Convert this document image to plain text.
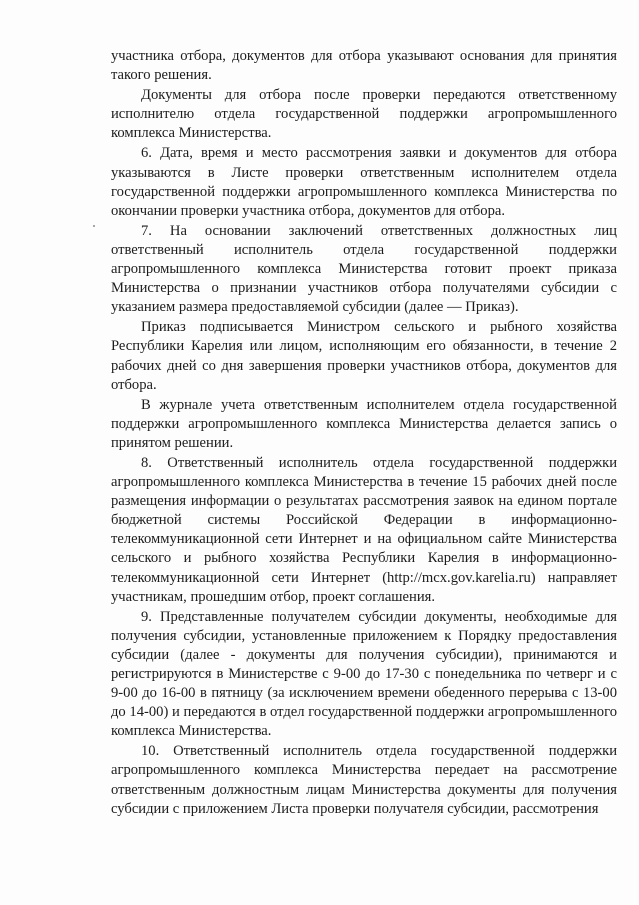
участника отбора, документов для отбора указывают основания для принятия такого решения.

Документы для отбора после проверки передаются ответственному исполнителю отдела государственной поддержки агропромышленного комплекса Министерства.

6. Дата, время и место рассмотрения заявки и документов для отбора указываются в Листе проверки ответственным исполнителем отдела государственной поддержки агропромышленного комплекса Министерства по окончании проверки участника отбора, документов для отбора.

7. На основании заключений ответственных должностных лиц ответственный исполнитель отдела государственной поддержки агропромышленного комплекса Министерства готовит проект приказа Министерства о признании участников отбора получателями субсидии с указанием размера предоставляемой субсидии (далее — Приказ).

Приказ подписывается Министром сельского и рыбного хозяйства Республики Карелия или лицом, исполняющим его обязанности, в течение 2 рабочих дней со дня завершения проверки участников отбора, документов для отбора.

В журнале учета ответственным исполнителем отдела государственной поддержки агропромышленного комплекса Министерства делается запись о принятом решении.

8. Ответственный исполнитель отдела государственной поддержки агропромышленного комплекса Министерства в течение 15 рабочих дней после размещения информации о результатах рассмотрения заявок на едином портале бюджетной системы Российской Федерации в информационно-телекоммуникационной сети Интернет и на официальном сайте Министерства сельского и рыбного хозяйства Республики Карелия в информационно-телекоммуникационной сети Интернет (http://mcx.gov.karelia.ru) направляет участникам, прошедшим отбор, проект соглашения.

9. Представленные получателем субсидии документы, необходимые для получения субсидии, установленные приложением к Порядку предоставления субсидии (далее - документы для получения субсидии), принимаются и регистрируются в Министерстве с 9-00 до 17-30 с понедельника по четверг и с 9-00 до 16-00 в пятницу (за исключением времени обеденного перерыва с 13-00 до 14-00) и передаются в отдел государственной поддержки агропромышленного комплекса Министерства.

10. Ответственный исполнитель отдела государственной поддержки агропромышленного комплекса Министерства передает на рассмотрение ответственным должностным лицам Министерства документы для получения субсидии с приложением Листа проверки получателя субсидии, рассмотрения
